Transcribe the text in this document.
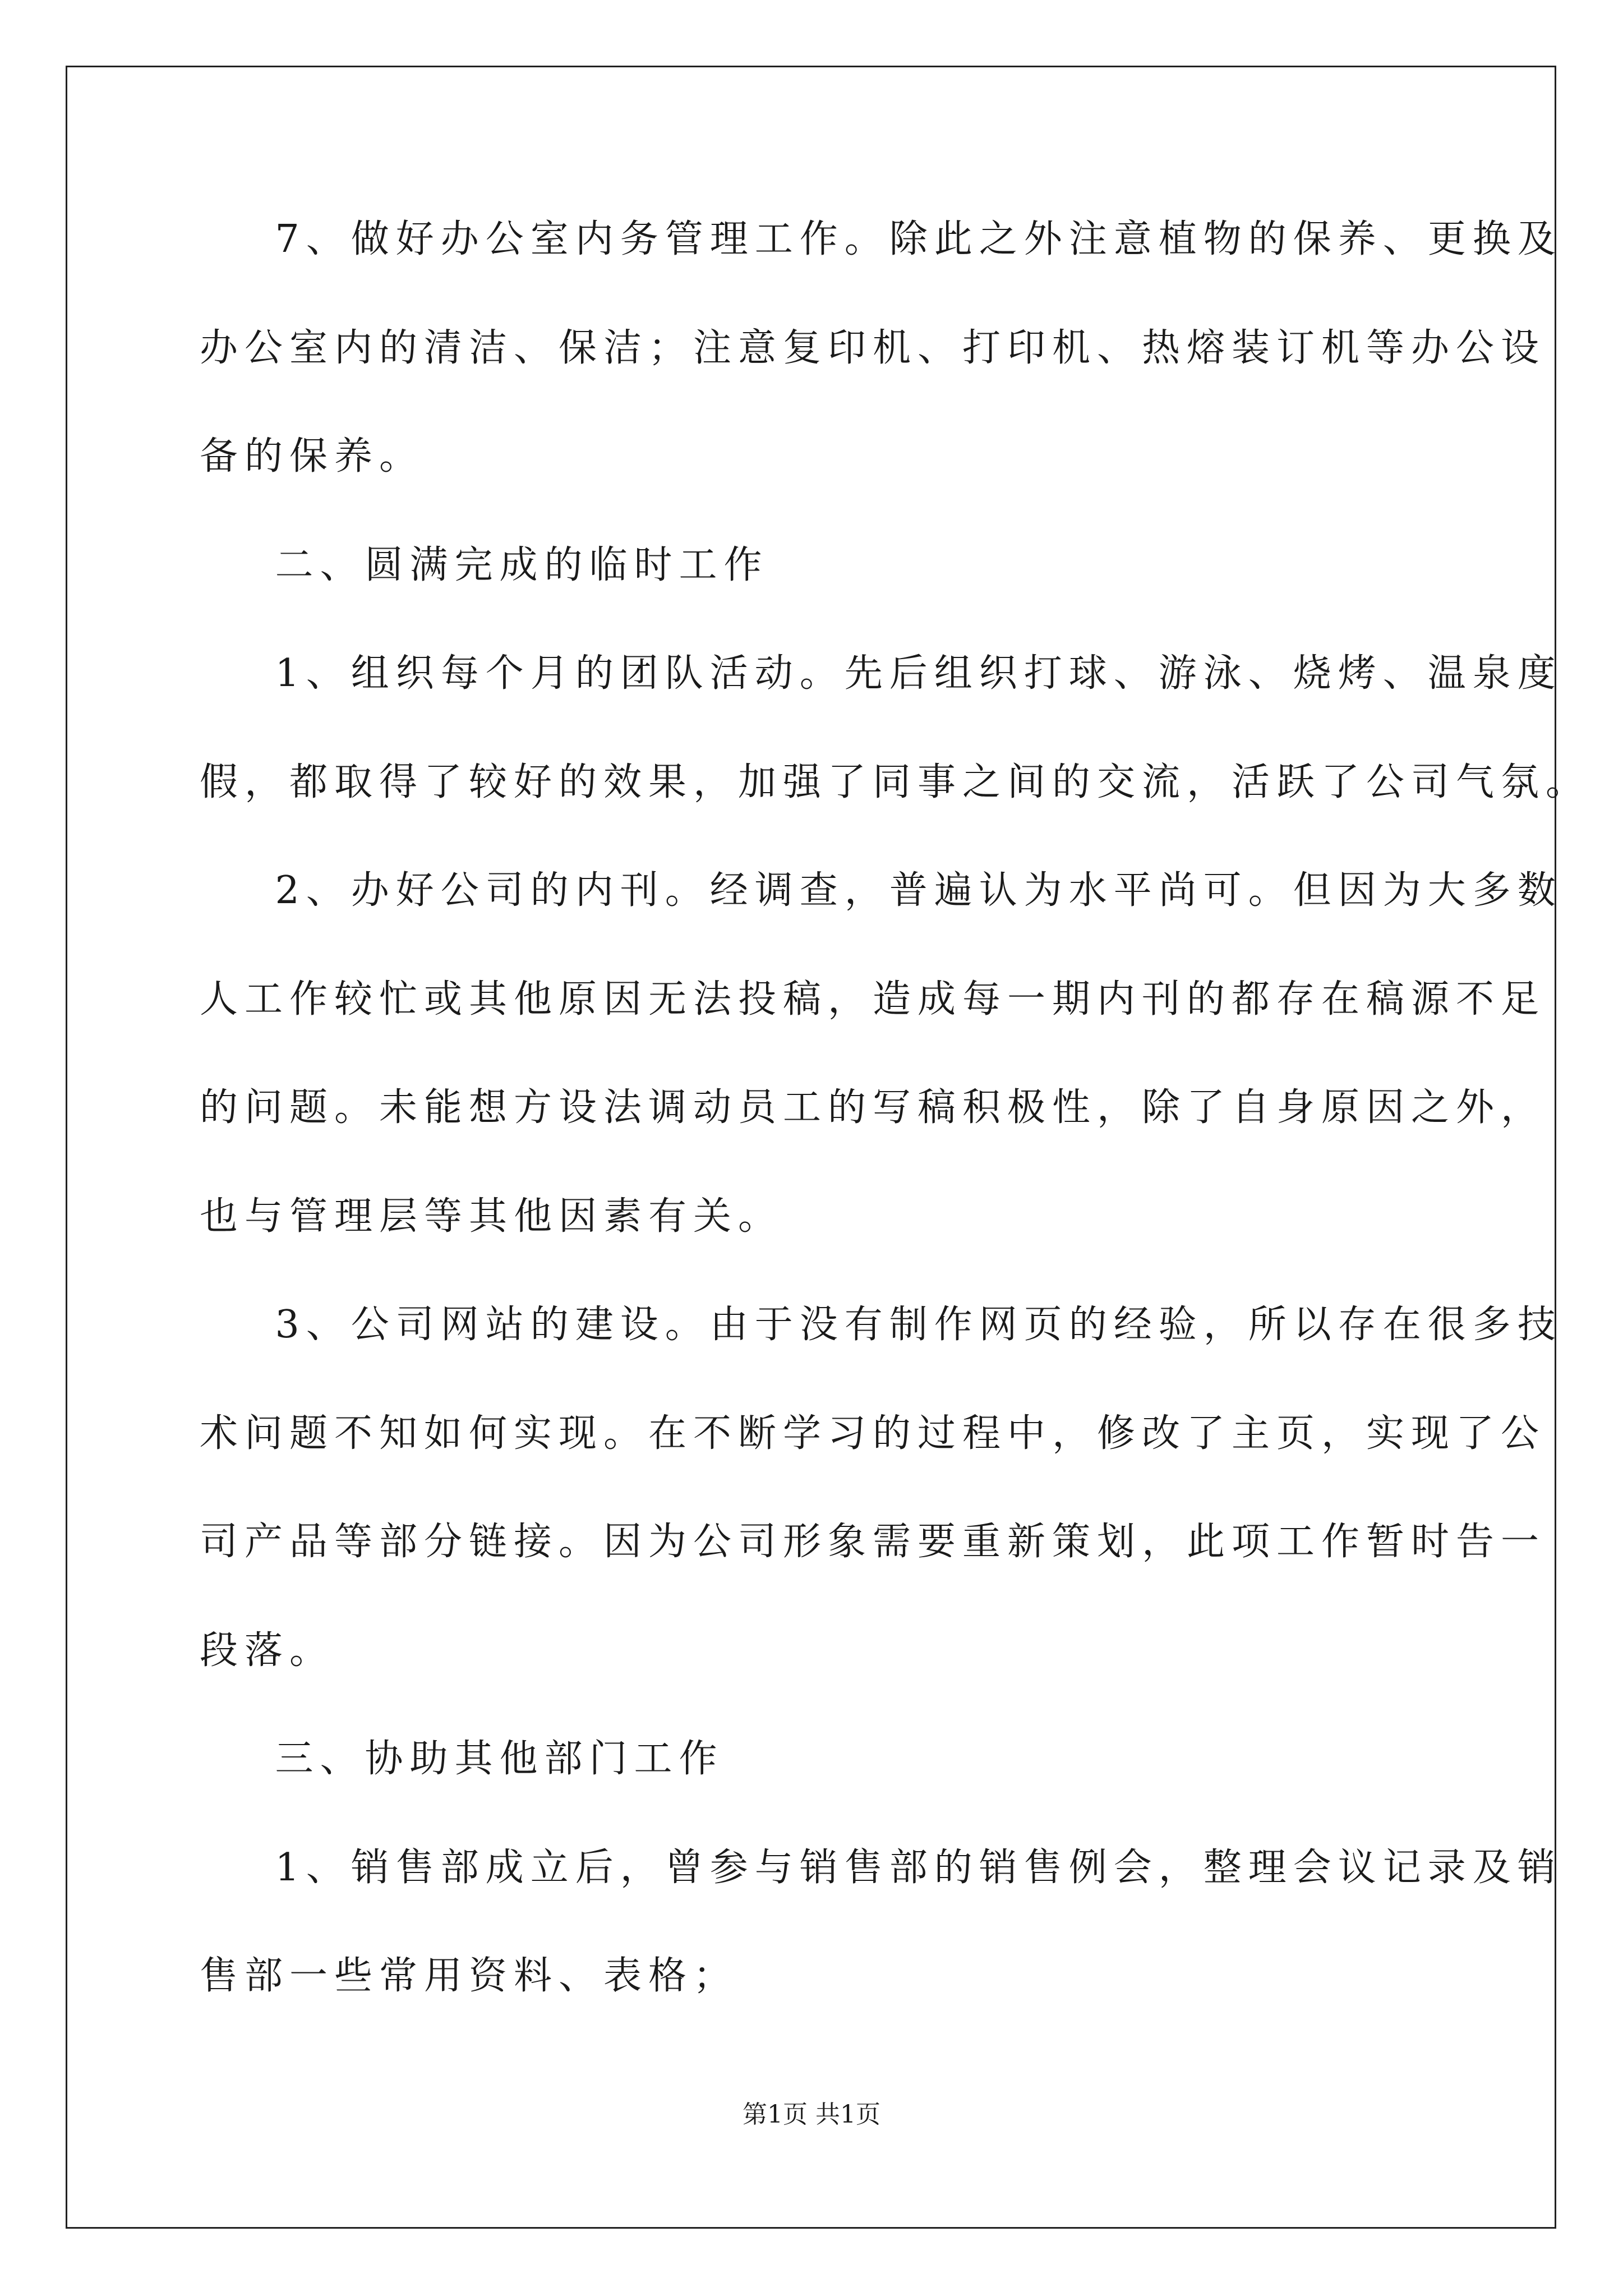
7、做好办公室内务管理工作。除此之外注意植物的保养、更换及
办公室内的清洁、保洁；注意复印机、打印机、热熔装订机等办公设
备的保养。
二、圆满完成的临时工作
1、组织每个月的团队活动。先后组织打球、游泳、烧烤、温泉度
假，都取得了较好的效果，加强了同事之间的交流，活跃了公司气氛。
2、办好公司的内刊。经调查，普遍认为水平尚可。但因为大多数
人工作较忙或其他原因无法投稿，造成每一期内刊的都存在稿源不足
的问题。未能想方设法调动员工的写稿积极性，除了自身原因之外，
也与管理层等其他因素有关。
3、公司网站的建设。由于没有制作网页的经验，所以存在很多技
术问题不知如何实现。在不断学习的过程中，修改了主页，实现了公
司产品等部分链接。因为公司形象需要重新策划，此项工作暂时告一
段落。
三、协助其他部门工作
1、销售部成立后，曾参与销售部的销售例会，整理会议记录及销
售部一些常用资料、表格；
第1页 共1页
